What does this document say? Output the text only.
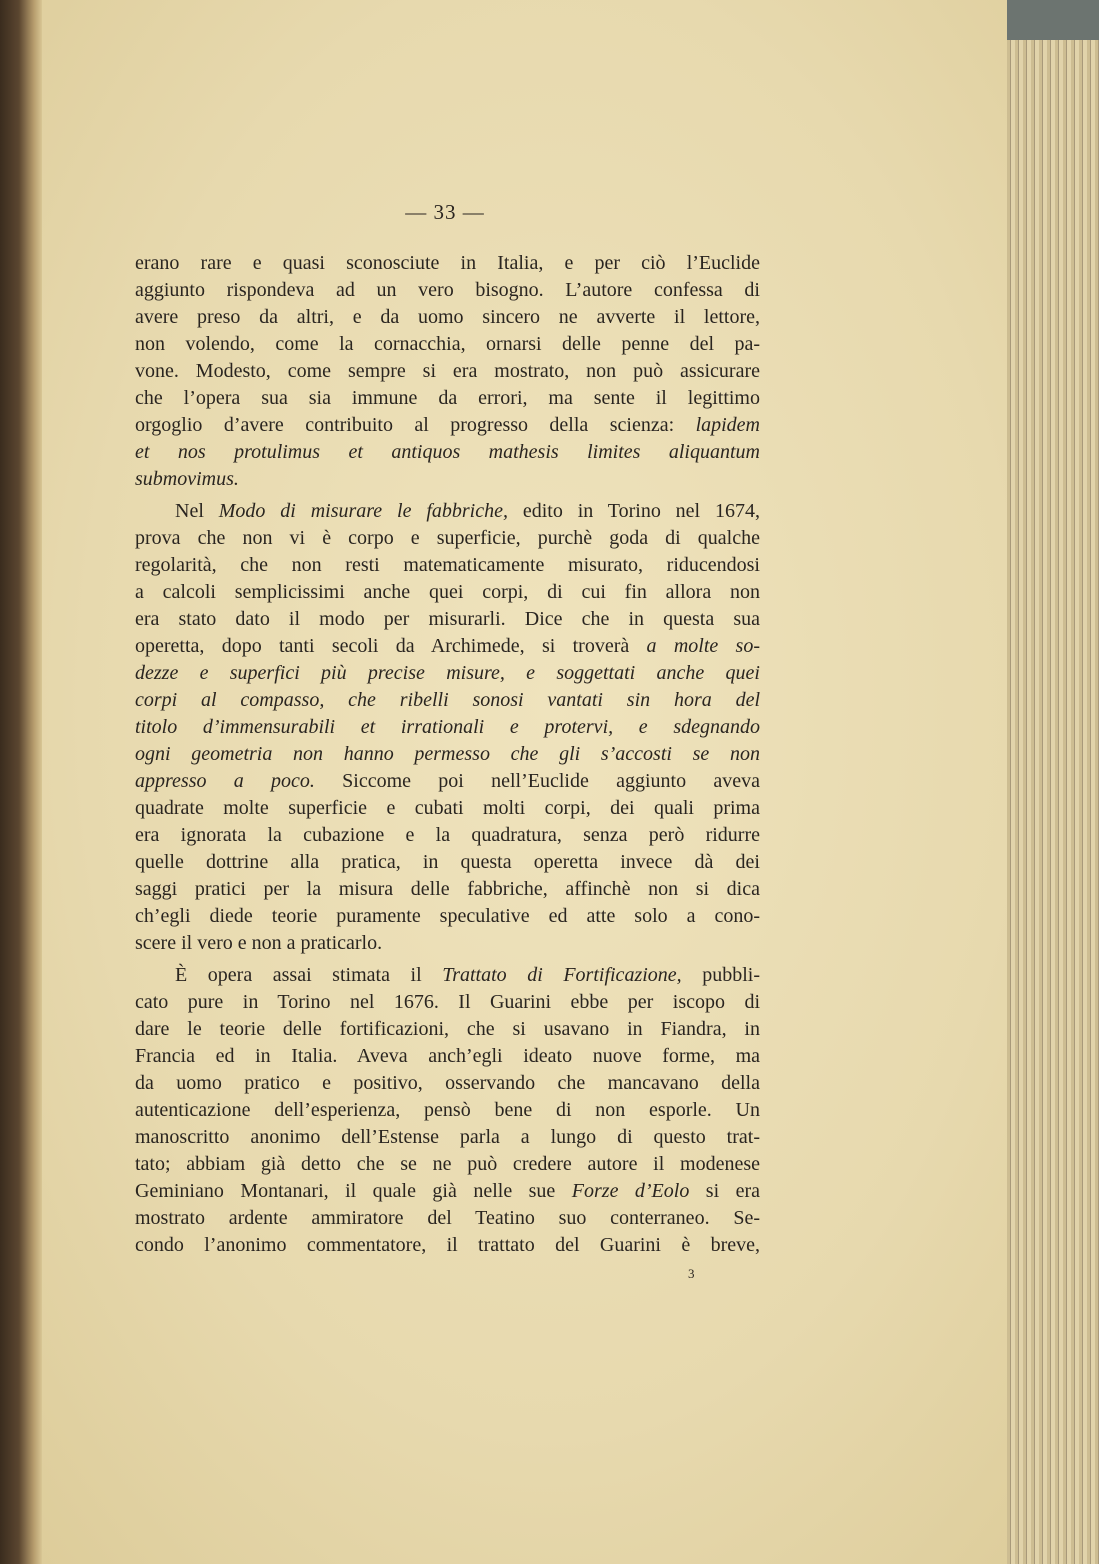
— 33 —
erano rare e quasi sconosciute in Italia, e per ciò l’Euclide
aggiunto rispondeva ad un vero bisogno. L’autore confessa di
avere preso da altri, e da uomo sincero ne avverte il lettore,
non volendo, come la cornacchia, ornarsi delle penne del pa-
vone. Modesto, come sempre si era mostrato, non può assicurare
che l’opera sua sia immune da errori, ma sente il legittimo
orgoglio d’avere contribuito al progresso della scienza: lapidem
et nos protulimus et antiquos mathesis limites aliquantum
submovimus.
Nel Modo di misurare le fabbriche, edito in Torino nel 1674,
prova che non vi è corpo e superficie, purchè goda di qualche
regolarità, che non resti matematicamente misurato, riducendosi
a calcoli semplicissimi anche quei corpi, di cui fin allora non
era stato dato il modo per misurarli. Dice che in questa sua
operetta, dopo tanti secoli da Archimede, si troverà a molte so-
dezze e superfici più precise misure, e soggettati anche quei
corpi al compasso, che ribelli sonosi vantati sin hora del
titolo d’immensurabili et irrationali e protervi, e sdegnando
ogni geometria non hanno permesso che gli s’accosti se non
appresso a poco. Siccome poi nell’Euclide aggiunto aveva
quadrate molte superficie e cubati molti corpi, dei quali prima
era ignorata la cubazione e la quadratura, senza però ridurre
quelle dottrine alla pratica, in questa operetta invece dà dei
saggi pratici per la misura delle fabbriche, affinchè non si dica
ch’egli diede teorie puramente speculative ed atte solo a cono-
scere il vero e non a praticarlo.
È opera assai stimata il Trattato di Fortificazione, pubbli-
cato pure in Torino nel 1676. Il Guarini ebbe per iscopo di
dare le teorie delle fortificazioni, che si usavano in Fiandra, in
Francia ed in Italia. Aveva anch’egli ideato nuove forme, ma
da uomo pratico e positivo, osservando che mancavano della
autenticazione dell’esperienza, pensò bene di non esporle. Un
manoscritto anonimo dell’Estense parla a lungo di questo trat-
tato; abbiam già detto che se ne può credere autore il modenese
Geminiano Montanari, il quale già nelle sue Forze d’Eolo si era
mostrato ardente ammiratore del Teatino suo conterraneo. Se-
condo l’anonimo commentatore, il trattato del Guarini è breve,
3
